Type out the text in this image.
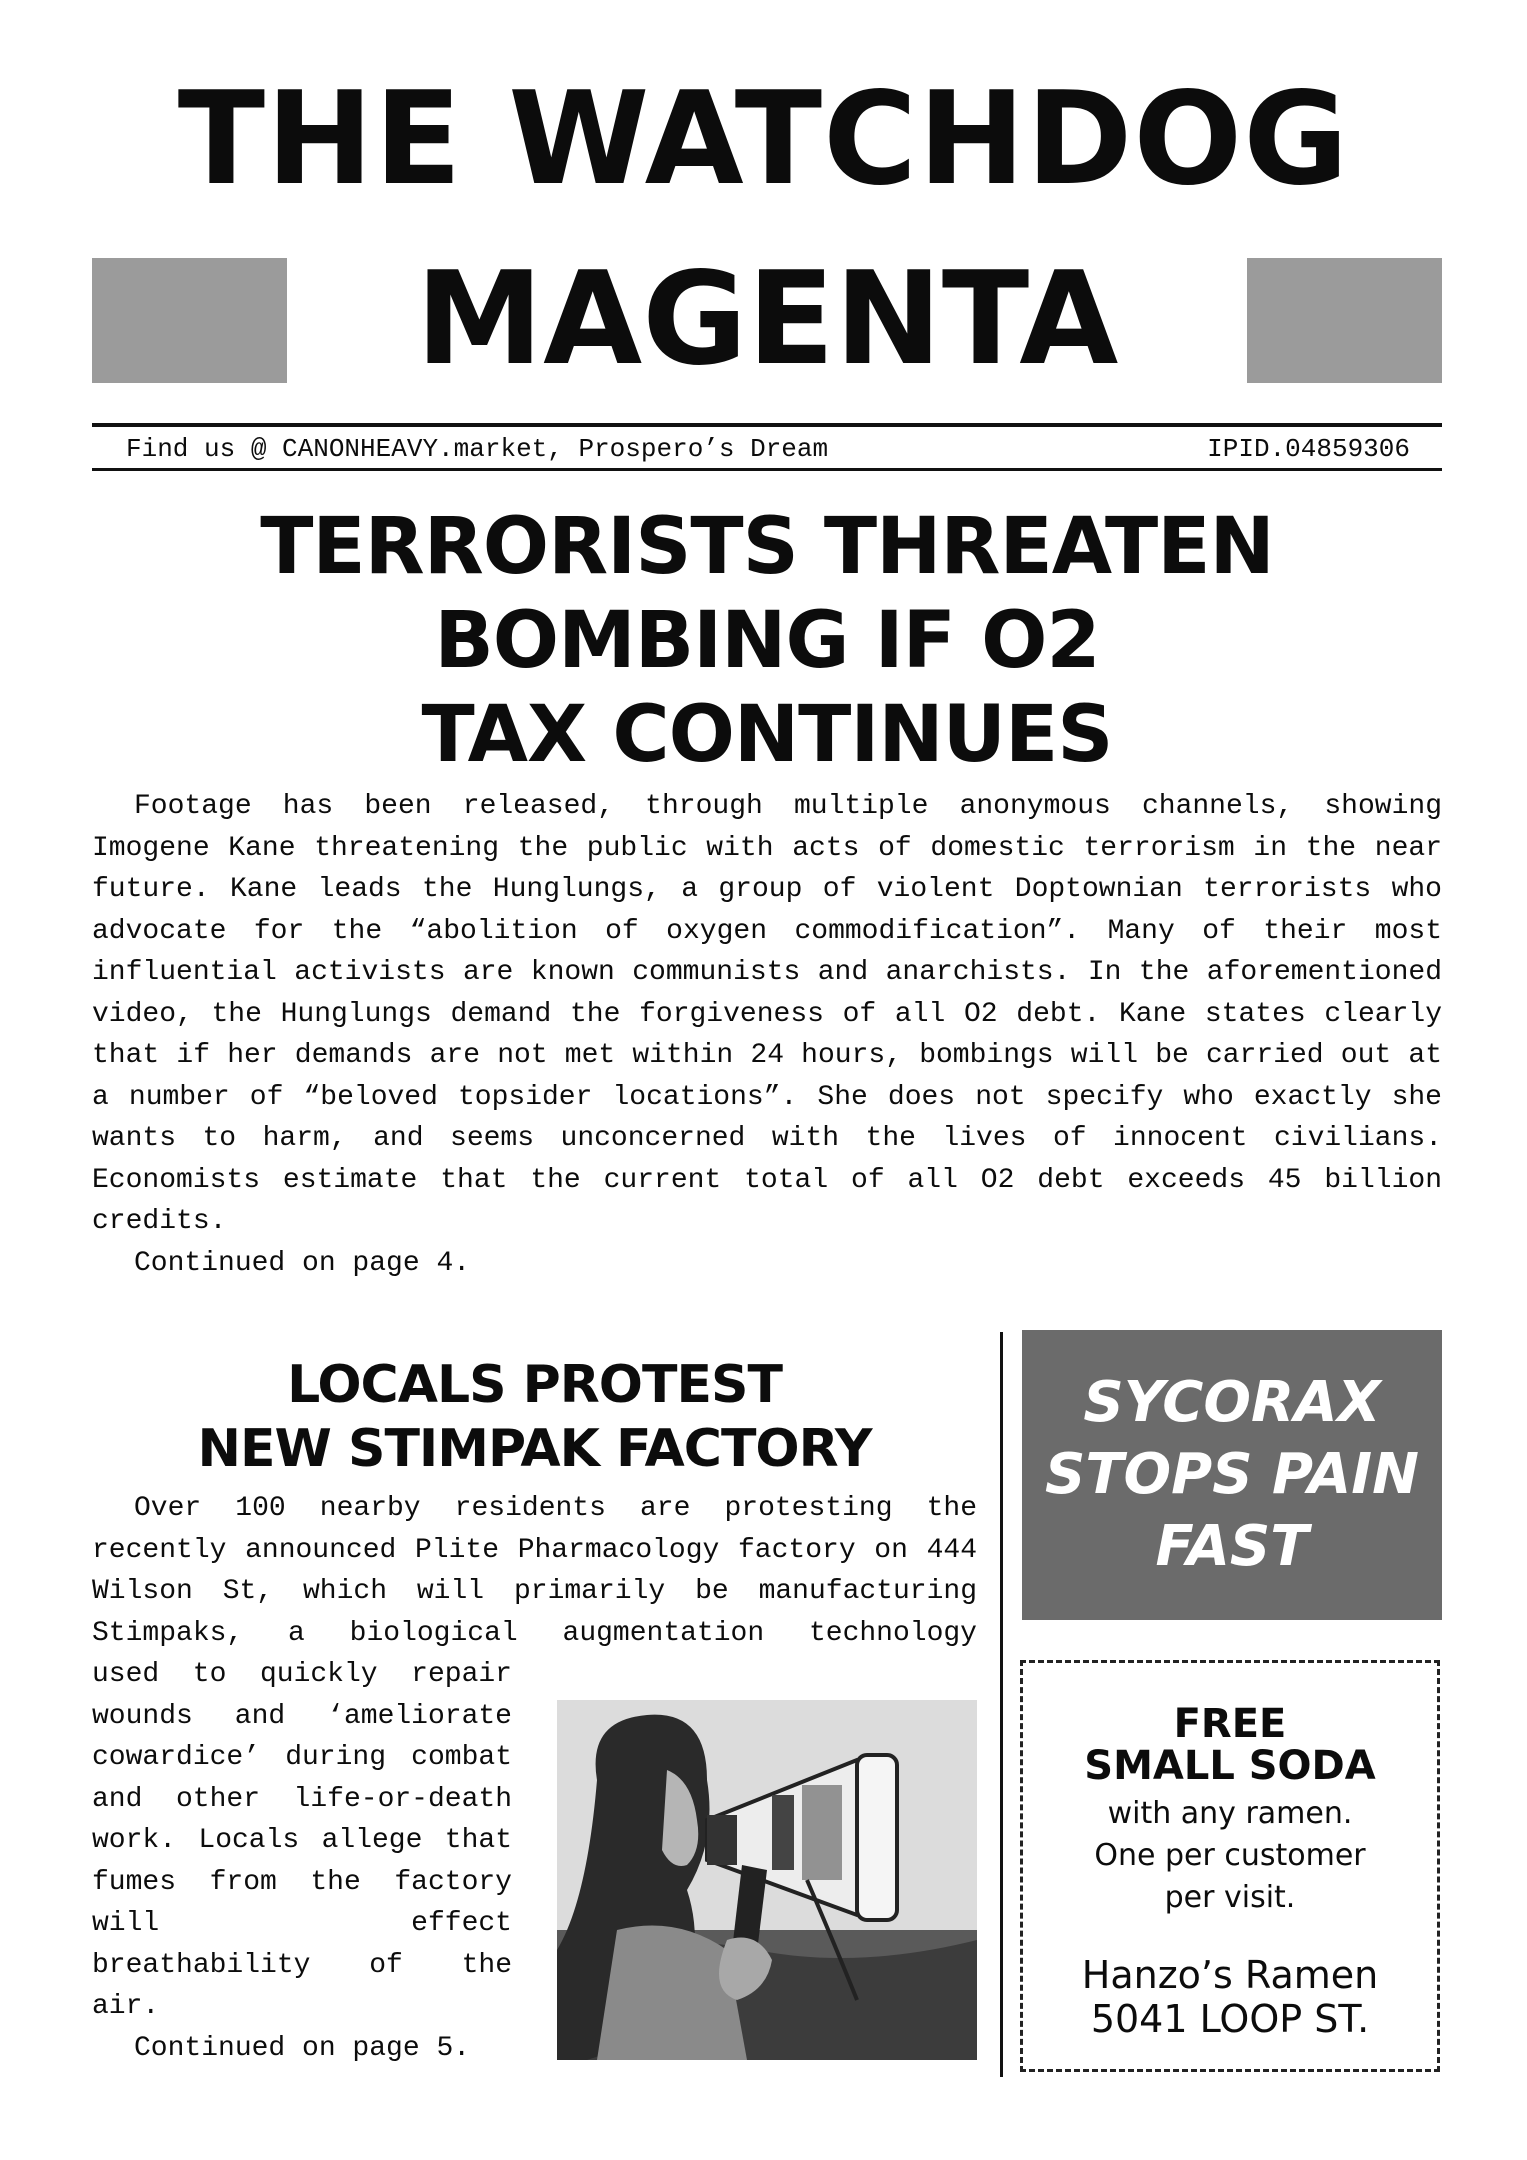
THE WATCHDOG
MAGENTA
Find us @ CANONHEAVY.market, Prospero’s Dream	IPID.04859306
TERRORISTS THREATEN
BOMBING IF O2
TAX CONTINUES

Footage has been released, through multiple anonymous channels, showing Imogene Kane threatening the public with acts of domestic terrorism in the near future. Kane leads the Hunglungs, a group of violent Doptownian terrorists who advocate for the “abolition of oxygen commodification”. Many of their most influential activists are known communists and anarchists. In the aforementioned video, the Hunglungs demand the forgiveness of all O2 debt. Kane states clearly that if her demands are not met within 24 hours, bombings will be carried out at a number of “beloved topsider locations”. She does not specify who exactly she wants to harm, and seems unconcerned with the lives of innocent civilians. Economists estimate that the current total of all O2 debt exceeds 45 billion credits.

Continued on page 4.

LOCALS PROTEST
NEW STIMPAK FACTORY

Over 100 nearby residents are protesting the recently announced Plite Pharmacology factory on 444 Wilson St, which will primarily be manufacturing Stimpaks, a biological augmentation technology

used to quickly repair wounds and ‘ameliorate cowardice’ during combat and other life-or-death work. Locals allege that fumes from the factory will effect breathability of the air.

Continued on page 5.

SYCORAX
STOPS PAIN
FAST
FREE
SMALL SODA
with any ramen.
One per customer
per visit.
Hanzo’s Ramen
5041 LOOP ST.
